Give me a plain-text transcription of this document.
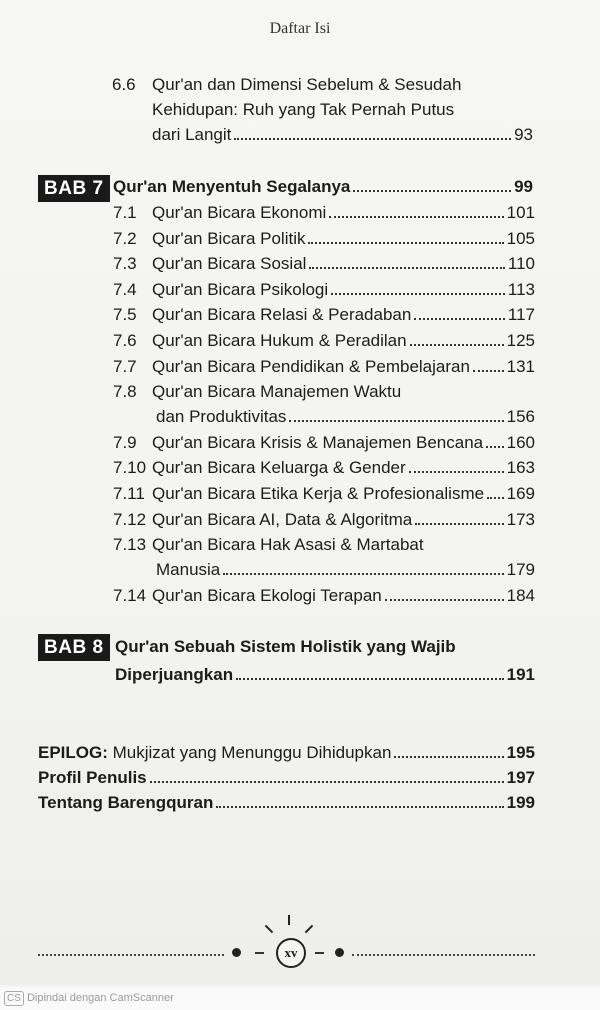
Daftar Isi
6.6 Qur'an dan Dimensi Sebelum & Sesudah
Kehidupan: Ruh yang Tak Pernah Putus
dari Langit	93
BAB 7 Qur'an Menyentuh Segalanya	99
7.1 Qur'an Bicara Ekonomi	101
7.2 Qur'an Bicara Politik	105
7.3 Qur'an Bicara Sosial	110
7.4 Qur'an Bicara Psikologi	113
7.5 Qur'an Bicara Relasi & Peradaban	117
7.6 Qur'an Bicara Hukum & Peradilan	125
7.7 Qur'an Bicara Pendidikan & Pembelajaran 131
7.8 Qur'an Bicara Manajemen Waktu
dan Produktivitas	156
7.9 Qur'an Bicara Krisis & Manajemen Bencana 160
7.10 Qur'an Bicara Keluarga & Gender	163
7.11 Qur'an Bicara Etika Kerja & Profesionalisme 169
7.12 Qur'an Bicara AI, Data & Algoritma	173
7.13 Qur'an Bicara Hak Asasi & Martabat
Manusia	179
7.14 Qur'an Bicara Ekologi Terapan	184
BAB 8 Qur'an Sebuah Sistem Holistik yang Wajib
Diperjuangkan	191
EPILOG: Mukjizat yang Menunggu Dihidupkan	195
Profil Penulis	197
Tentang Barengquran	199
xv
CS Dipindai dengan CamScanner
